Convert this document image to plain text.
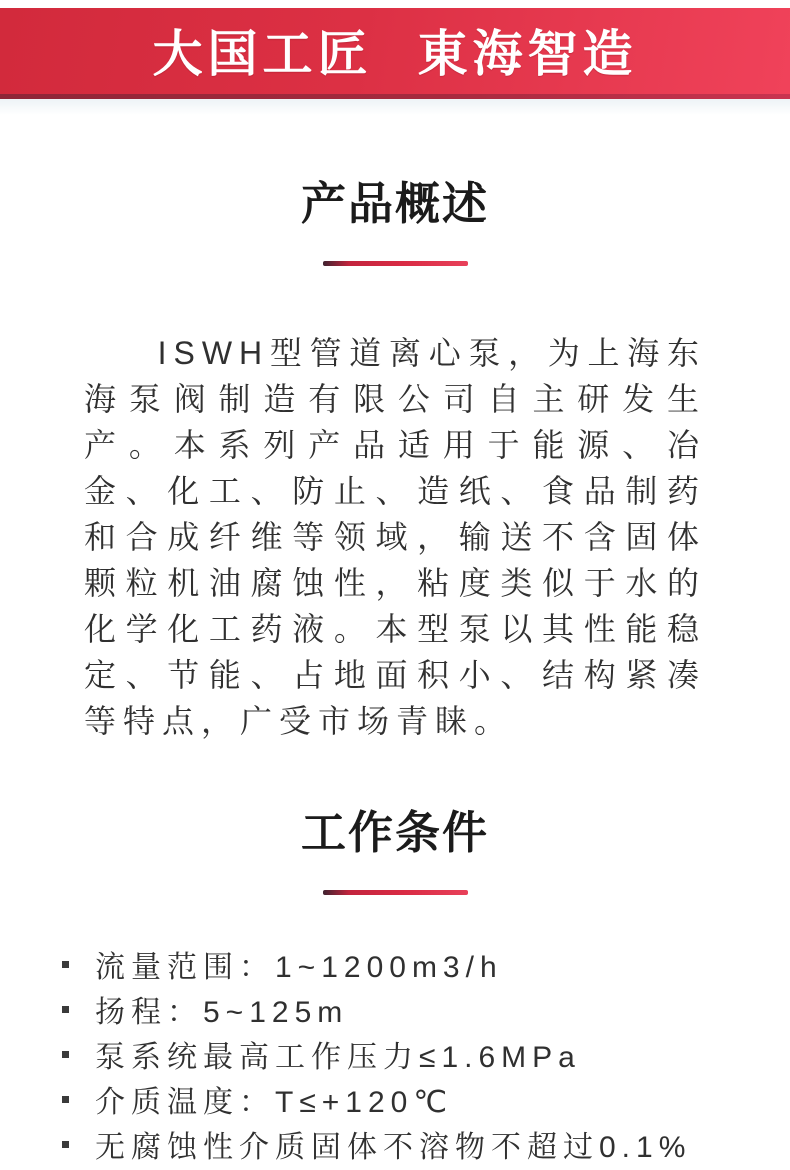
大国工匠 東海智造
产品概述

ISWH型管道离心泵，为上海东海泵阀制造有限公司自主研发生产。本系列产品适用于能源、冶金、化工、防止、造纸、食品制药和合成纤维等领域，输送不含固体颗粒机油腐蚀性，粘度类似于水的化学化工药液。本型泵以其性能稳定、节能、占地面积小、结构紧凑等特点，广受市场青睐。

工作条件
流量范围：1~1200m3/h
扬程：5~125m
泵系统最高工作压力≤1.6MPa
介质温度：T≤+120℃
无腐蚀性介质固体不溶物不超过0.1%
